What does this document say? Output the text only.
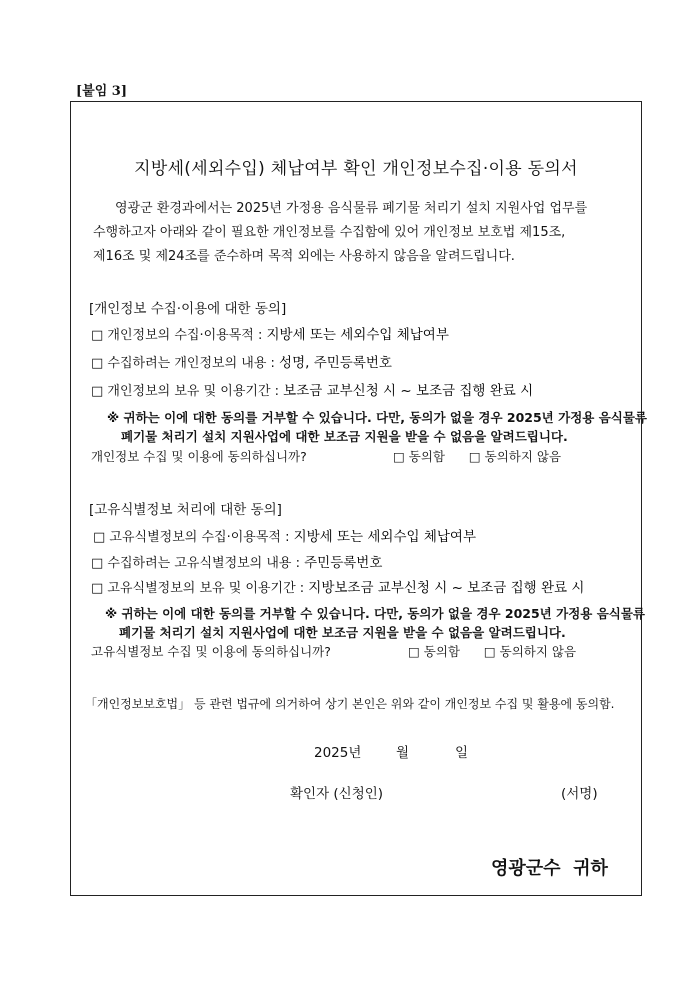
[붙임 3]
지방세(세외수입) 체납여부 확인 개인정보수집·이용 동의서

영광군 환경과에서는 2025년 가정용 음식물류 폐기물 처리기 설치 지원사업 업무를

수행하고자 아래와 같이 필요한 개인정보를 수집함에 있어 개인정보 보호법 제15조,

제16조 및 제24조를 준수하며 목적 외에는 사용하지 않음을 알려드립니다.

[개인정보 수집·이용에 대한 동의]
□ 개인정보의 수집·이용목적 : 지방세 또는 세외수입 체납여부
□ 수집하려는 개인정보의 내용 : 성명, 주민등록번호
□ 개인정보의 보유 및 이용기간 : 보조금 교부신청 시 ~ 보조금 집행 완료 시

※ 귀하는 이에 대한 동의를 거부할 수 있습니다. 다만, 동의가 없을 경우 2025년 가정용 음식물류

폐기물 처리기 설치 지원사업에 대한 보조금 지원을 받을 수 없음을 알려드립니다.

개인정보 수집 및 이용에 동의하십니까?	□ 동의함 □ 동의하지 않음
[고유식별정보 처리에 대한 동의]
□ 고유식별정보의 수집·이용목적 : 지방세 또는 세외수입 체납여부
□ 수집하려는 고유식별정보의 내용 : 주민등록번호
□ 고유식별정보의 보유 및 이용기간 : 지방보조금 교부신청 시 ~ 보조금 집행 완료 시

※ 귀하는 이에 대한 동의를 거부할 수 있습니다. 다만, 동의가 없을 경우 2025년 가정용 음식물류

폐기물 처리기 설치 지원사업에 대한 보조금 지원을 받을 수 없음을 알려드립니다.

고유식별정보 수집 및 이용에 동의하십니까?	□ 동의함 □ 동의하지 않음
「개인정보보호법」 등 관련 법규에 의거하여 상기 본인은 위와 같이 개인정보 수집 및 활용에 동의함.
2025년	월	일
확인자 (신청인)	(서명)
영광군수  귀하
